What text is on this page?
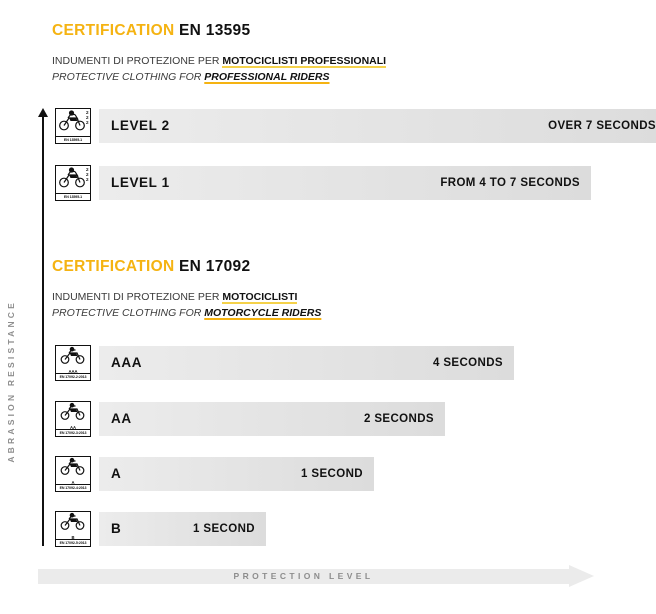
ABRASION RESISTANCE
CERTIFICATION EN 13595
INDUMENTI DI PROTEZIONE PER MOTOCICLISTI PROFESSIONALI
PROTECTIVE CLOTHING FOR PROFESSIONAL RIDERS
2
2
2
EN 13595-1
LEVEL 2	OVER 7 SECONDS
2
2
2
EN 13595-1
LEVEL 1	FROM 4 TO 7 SECONDS
CERTIFICATION EN 17092
INDUMENTI DI PROTEZIONE PER MOTOCICLISTI
PROTECTIVE CLOTHING FOR MOTORCYCLE RIDERS
AAA
EN 17092-2:2013
AAA	4 SECONDS
AA
EN 17092-3:2013
AA	2 SECONDS
A
EN 17092-4:2013
A	1 SECOND
B
EN 17092-5:2013
B	1 SECOND
PROTECTION LEVEL
